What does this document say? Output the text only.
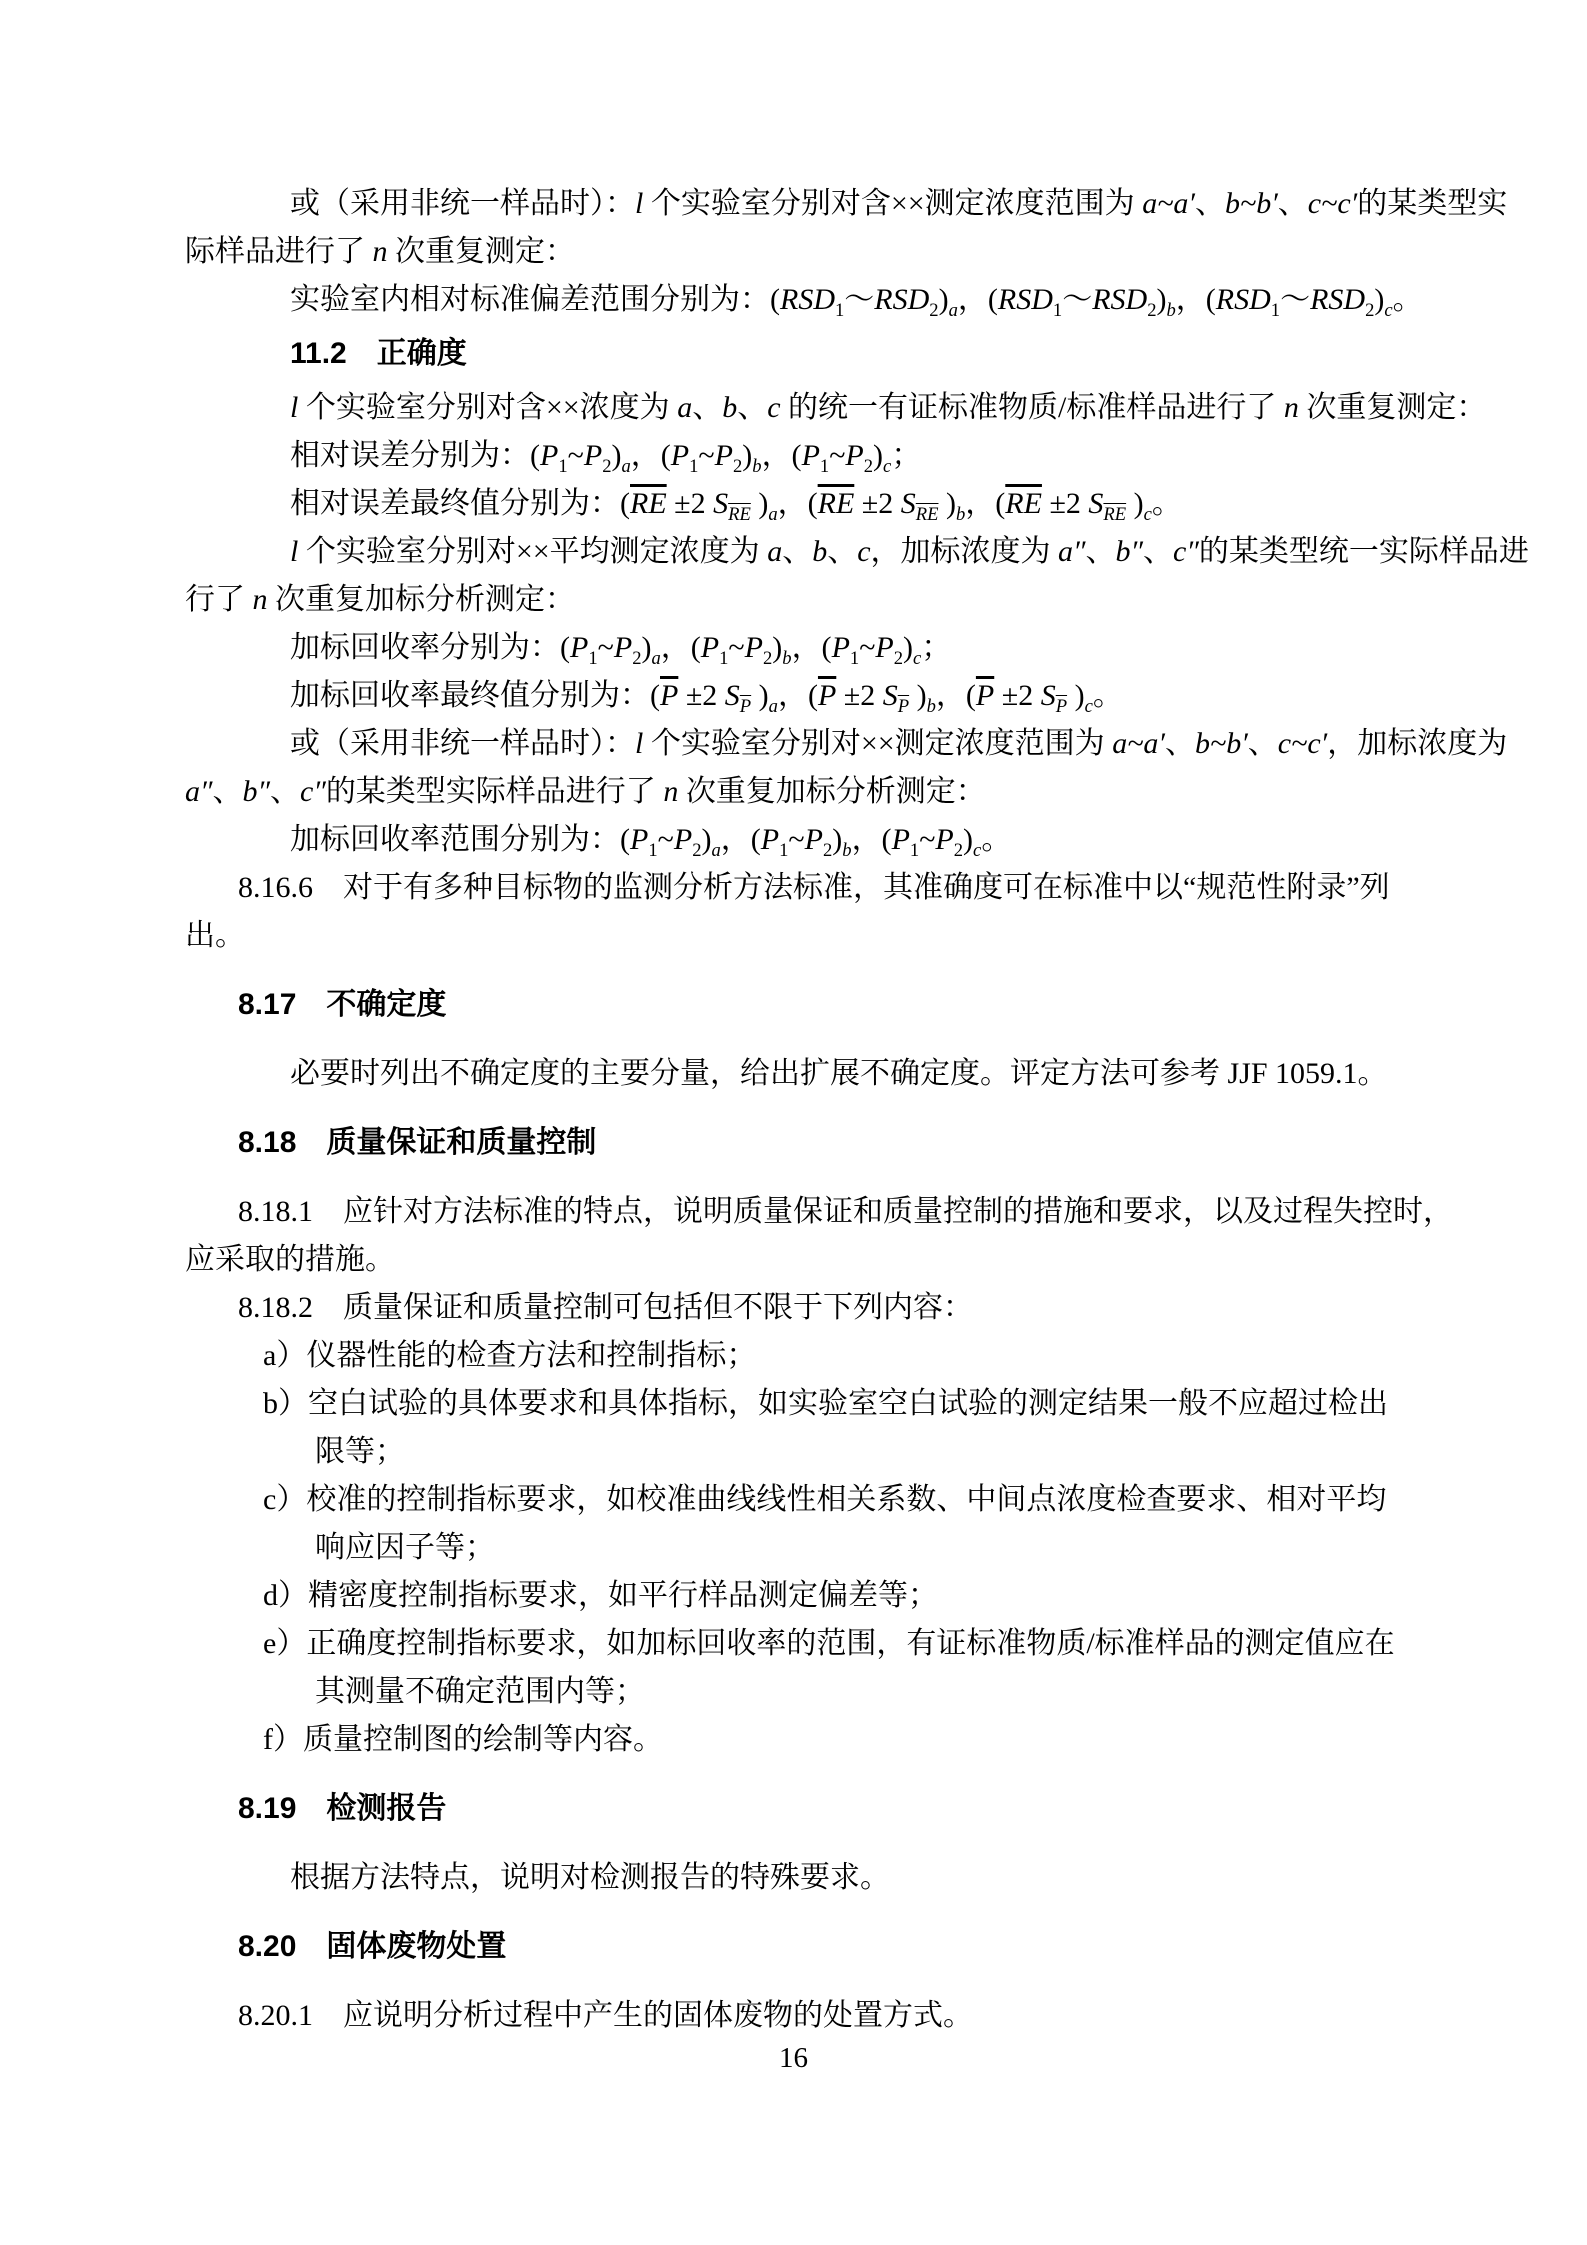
或（采用非统一样品时）：l 个实验室分别对含××测定浓度范围为 a~a′、b~b′、c~c′的某类型实
际样品进行了 n 次重复测定：
实验室内相对标准偏差范围分别为：$(RSD_1\sim RSD_2)_a$，$(RSD_1\sim RSD_2)_b$，$(RSD_1\sim RSD_2)_c$。
11.2　正确度
l 个实验室分别对含××浓度为 a、b、c 的统一有证标准物质/标准样品进行了 n 次重复测定：
相对误差分别为：$(P_1\sim P_2)_a$，$(P_1\sim P_2)_b$，$(P_1\sim P_2)_c$；
相对误差最终值分别为：($\overline{RE} \pm 2$ $S_{\overline{RE}}$ )$_a$，($\overline{RE} \pm 2$ $S_{\overline{RE}}$ )$_b$，($\overline{RE} \pm 2$ $S_{\overline{RE}}$ )$_c$。
l 个实验室分别对××平均测定浓度为 a、b、c，加标浓度为 a″、b″、c″的某类型统一实际样品进
行了 n 次重复加标分析测定：
加标回收率分别为：$(P_1\sim P_2)_a$，$(P_1\sim P_2)_b$，$(P_1\sim P_2)_c$；
加标回收率最终值分别为：($\overline{P} \pm 2$ $S_{\overline{P}}$ )$_a$，($\overline{P} \pm 2$ $S_{\overline{P}}$ )$_b$，($\overline{P} \pm 2$ $S_{\overline{P}}$ )$_c$。
或（采用非统一样品时）：l 个实验室分别对××测定浓度范围为 a~a′、b~b′、c~c′，加标浓度为
a″、b″、c″的某类型实际样品进行了 n 次重复加标分析测定：
加标回收率范围分别为：$(P_1\sim P_2)_a$，$(P_1\sim P_2)_b$，$(P_1\sim P_2)_c$。
8.16.6　对于有多种目标物的监测分析方法标准，其准确度可在标准中以“规范性附录”列
出。
8.17　不确定度
必要时列出不确定度的主要分量，给出扩展不确定度。评定方法可参考 JJF 1059.1。
8.18　质量保证和质量控制
8.18.1　应针对方法标准的特点，说明质量保证和质量控制的措施和要求，以及过程失控时，
应采取的措施。
8.18.2　质量保证和质量控制可包括但不限于下列内容：
a）仪器性能的检查方法和控制指标；
b）空白试验的具体要求和具体指标，如实验室空白试验的测定结果一般不应超过检出
限等；
c）校准的控制指标要求，如校准曲线线性相关系数、中间点浓度检查要求、相对平均
响应因子等；
d）精密度控制指标要求，如平行样品测定偏差等；
e）正确度控制指标要求，如加标回收率的范围，有证标准物质/标准样品的测定值应在
其测量不确定范围内等；
f）质量控制图的绘制等内容。
8.19　检测报告
根据方法特点，说明对检测报告的特殊要求。
8.20　固体废物处置
8.20.1　应说明分析过程中产生的固体废物的处置方式。
16
